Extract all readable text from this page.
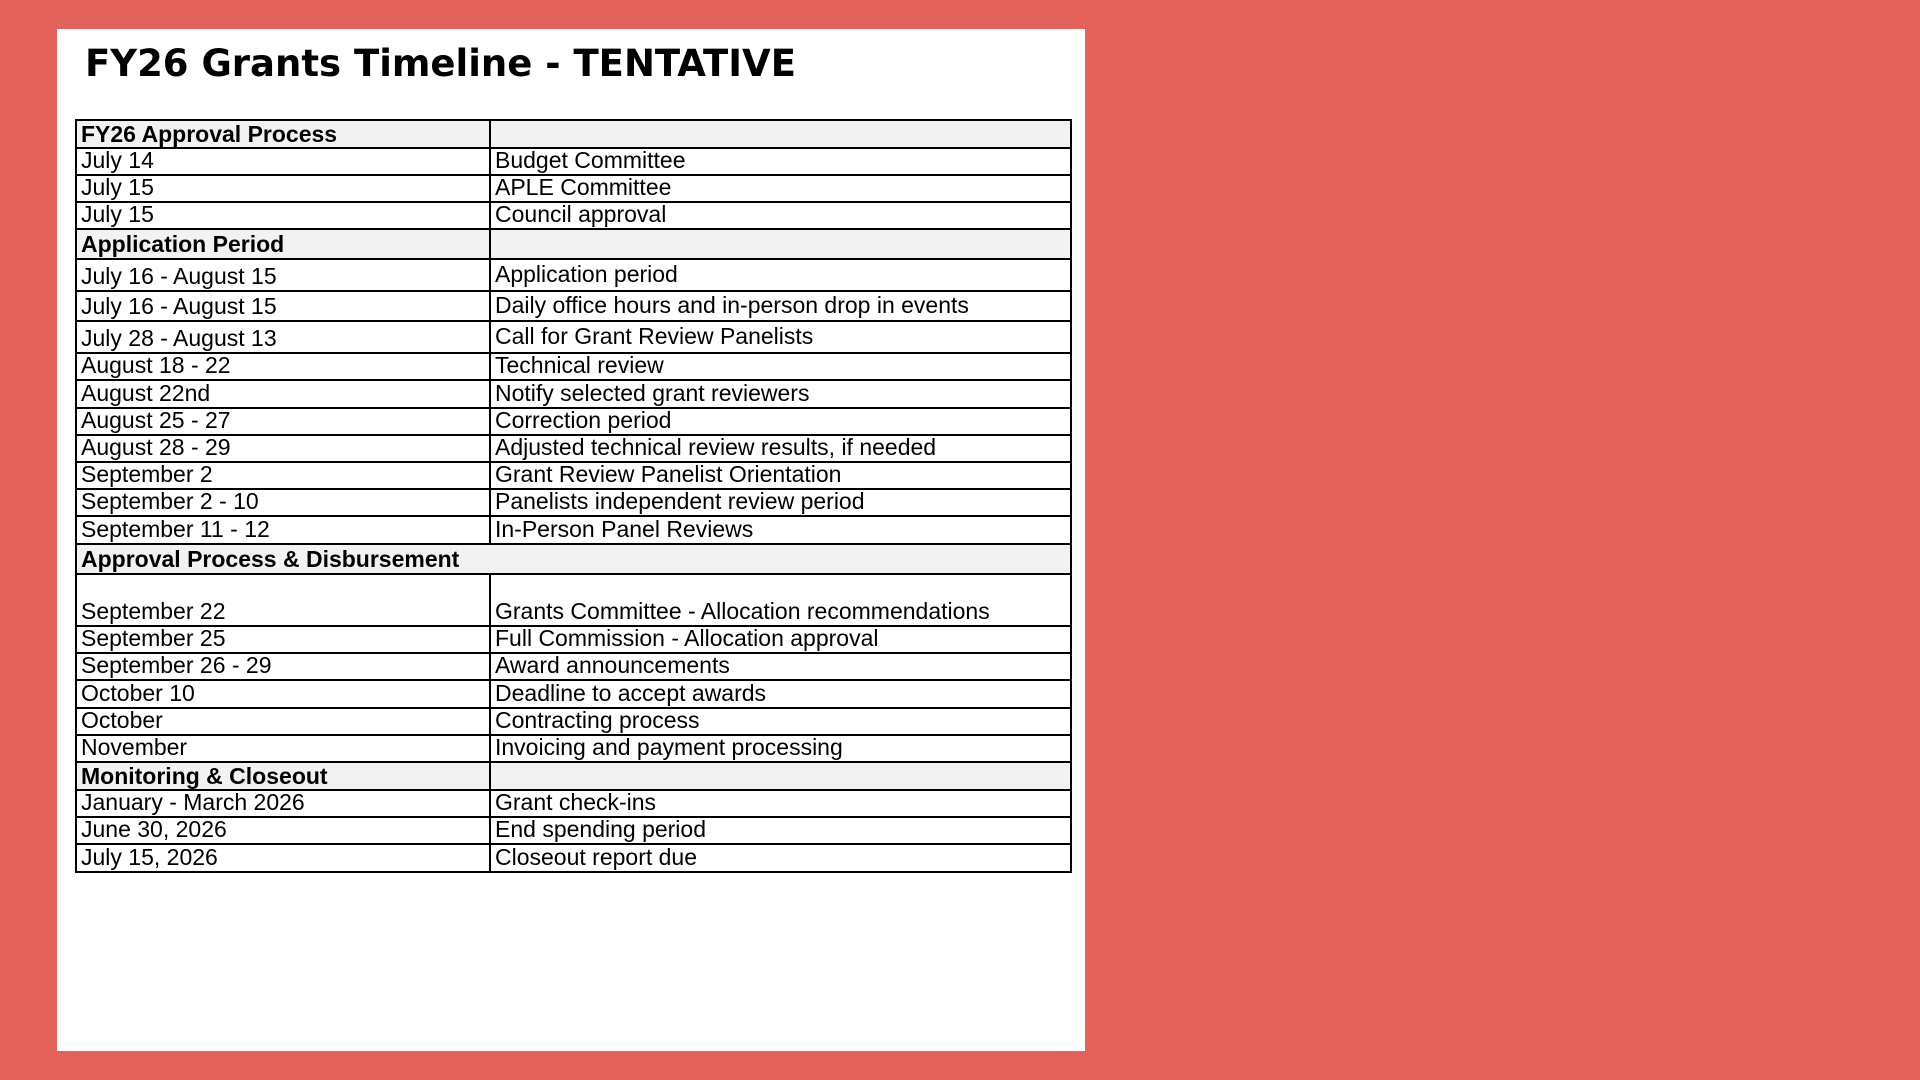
FY26 Grants Timeline - TENTATIVE
FY26 Approval Process	
July 14	Budget Committee
July 15	APLE Committee
July 15	Council approval
Application Period	
July 16 - August 15	Application period
July 16 - August 15	Daily office hours and in-person drop in events
July 28 - August 13	Call for Grant Review Panelists
August 18 - 22	Technical review
August 22nd	Notify selected grant reviewers
August 25 - 27	Correction period
August 28 - 29	Adjusted technical review results, if needed
September 2	Grant Review Panelist Orientation
September 2 - 10	Panelists independent review period
September 11 - 12	In-Person Panel Reviews
Approval Process & Disbursement	
September 22	Grants Committee - Allocation recommendations
September 25	Full Commission - Allocation approval
September 26 - 29	Award announcements
October 10	Deadline to accept awards
October	Contracting process
November	Invoicing and payment processing
Monitoring & Closeout	
January - March 2026	Grant check-ins
June 30, 2026	End spending period
July 15, 2026	Closeout report due
